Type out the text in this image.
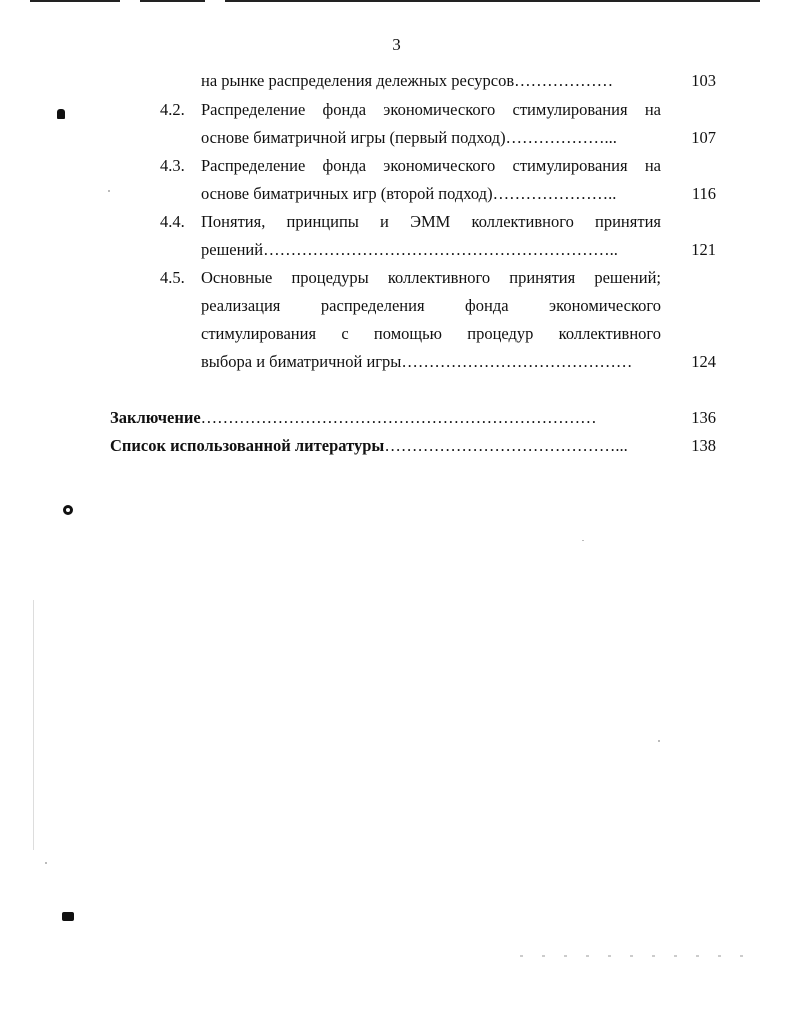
3
на рынке распределения дележных ресурсов………………	103
4.2. Распределение фонда экономического стимулирования на
основе биматричной игры (первый подход)………………...	107
4.3. Распределение фонда экономического стимулирования на
основе биматричных игр (второй подход)…………………..	116
4.4. Понятия, принципы и ЭММ коллективного принятия
решений………………………………………………………..	121
4.5. Основные процедуры коллективного принятия решений;
реализация распределения фонда экономического
стимулирования с помощью процедур коллективного
выбора и биматричной игры……………………………………	124
Заключение………………………………………………………………	136
Список использованной литературы……………………………………...	138
